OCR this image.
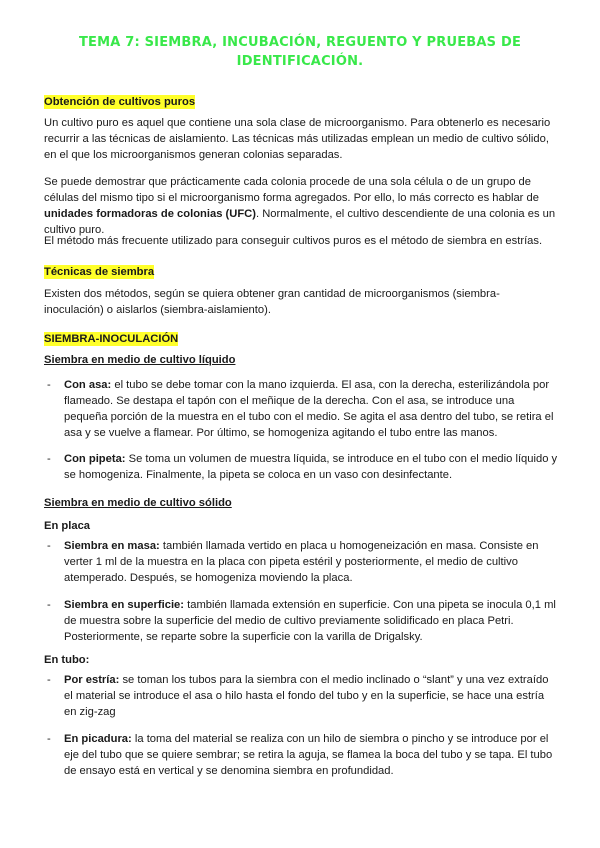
TEMA 7: SIEMBRA, INCUBACIÓN, REGUENTO Y PRUEBAS DE IDENTIFICACIÓN.
Obtención de cultivos puros
Un cultivo puro es aquel que contiene una sola clase de microorganismo. Para obtenerlo es necesario recurrir a las técnicas de aislamiento. Las técnicas más utilizadas emplean un medio de cultivo sólido, en el que los microorganismos generan colonias separadas.
Se puede demostrar que prácticamente cada colonia procede de una sola célula o de un grupo de células del mismo tipo si el microorganismo forma agregados. Por ello, lo más correcto es hablar de unidades formadoras de colonias (UFC). Normalmente, el cultivo descendiente de una colonia es un cultivo puro.
El método más frecuente utilizado para conseguir cultivos puros es el método de siembra en estrías.
Técnicas de siembra
Existen dos métodos, según se quiera obtener gran cantidad de microorganismos (siembra-inoculación) o aislarlos (siembra-aislamiento).
SIEMBRA-INOCULACIÓN
Siembra en medio de cultivo líquido
- Con asa: el tubo se debe tomar con la mano izquierda. El asa, con la derecha, esterilizándola por flameado. Se destapa el tapón con el meñique de la derecha. Con el asa, se introduce una pequeña porción de la muestra en el tubo con el medio. Se agita el asa dentro del tubo, se retira el asa y se vuelve a flamear. Por último, se homogeniza agitando el tubo entre las manos.
- Con pipeta: Se toma un volumen de muestra líquida, se introduce en el tubo con el medio líquido y se homogeniza. Finalmente, la pipeta se coloca en un vaso con desinfectante.
Siembra en medio de cultivo sólido
En placa
- Siembra en masa: también llamada vertido en placa u homogeneización en masa. Consiste en verter 1 ml de la muestra en la placa con pipeta estéril y posteriormente, el medio de cultivo atemperado. Después, se homogeniza moviendo la placa.
- Siembra en superficie: también llamada extensión en superficie. Con una pipeta se inocula 0,1 ml de muestra sobre la superficie del medio de cultivo previamente solidificado en placa Petri. Posteriormente, se reparte sobre la superficie con la varilla de Drigalsky.
En tubo:
- Por estría: se toman los tubos para la siembra con el medio inclinado o “slant” y una vez extraído el material se introduce el asa o hilo hasta el fondo del tubo y en la superficie, se hace una estría en zig-zag
- En picadura: la toma del material se realiza con un hilo de siembra o pincho y se introduce por el eje del tubo que se quiere sembrar; se retira la aguja, se flamea la boca del tubo y se tapa. El tubo de ensayo está en vertical y se denomina siembra en profundidad.
